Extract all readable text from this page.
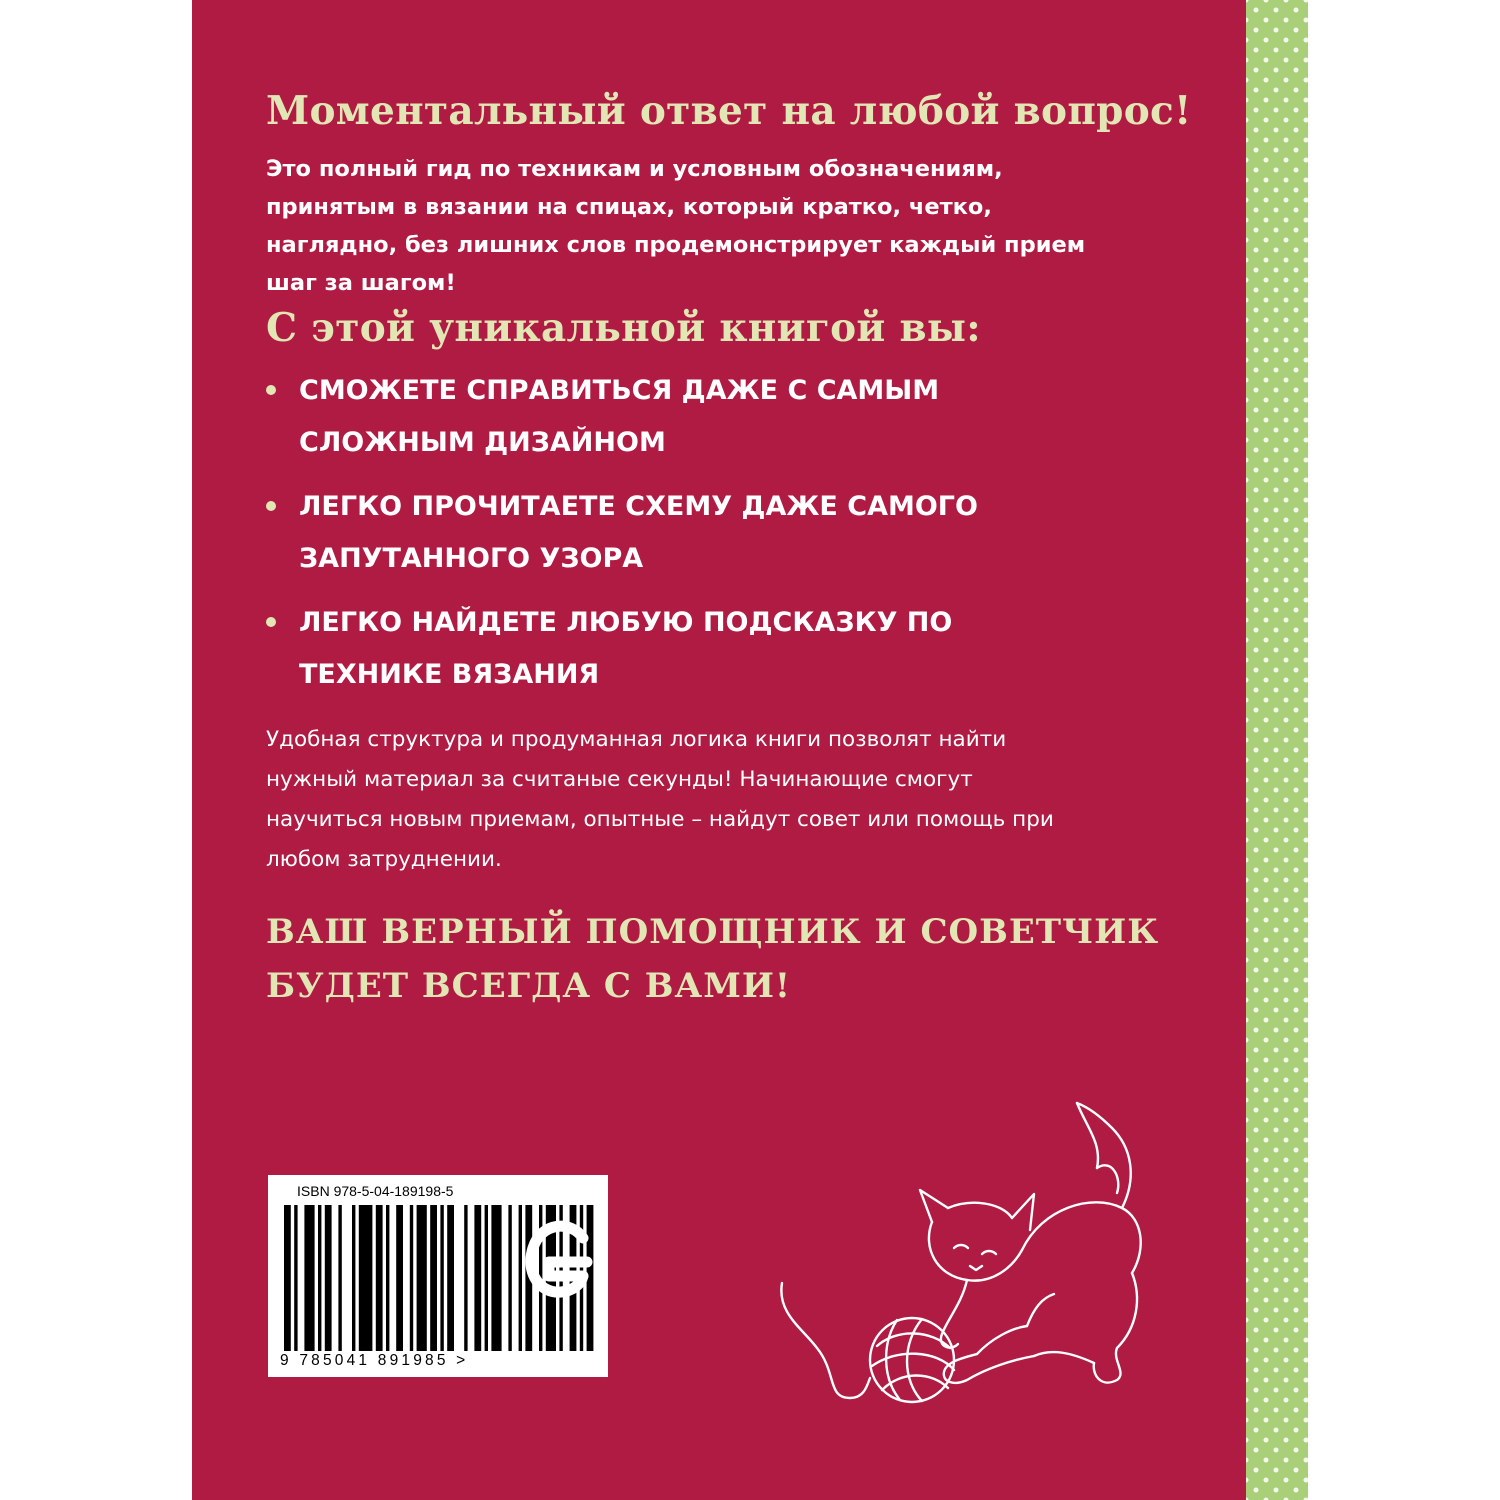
Моментальный ответ на любой вопрос!

Это полный гид по техникам и условным обозначениям, принятым в вязании на спицах, который кратко, четко, наглядно, без лишних слов продемонстрирует каждый прием шаг за шагом!

С этой уникальной книгой вы:
СМОЖЕТЕ СПРАВИТЬСЯ ДАЖЕ С САМЫМ СЛОЖНЫМ ДИЗАЙНОМ
ЛЕГКО ПРОЧИТАЕТЕ СХЕМУ ДАЖЕ САМОГО ЗАПУТАННОГО УЗОРА
ЛЕГКО НАЙДЕТЕ ЛЮБУЮ ПОДСКАЗКУ ПО ТЕХНИКЕ ВЯЗАНИЯ

Удобная структура и продуманная логика книги позволят найти нужный материал за считаные секунды! Начинающие смогут научиться новым приемам, опытные – найдут совет или помощь при любом затруднении.

ВАШ ВЕРНЫЙ ПОМОЩНИК И СОВЕТЧИК БУДЕТ ВСЕГДА С ВАМИ!

ISBN 978-5-04-189198-5
9 785041 891985 >
